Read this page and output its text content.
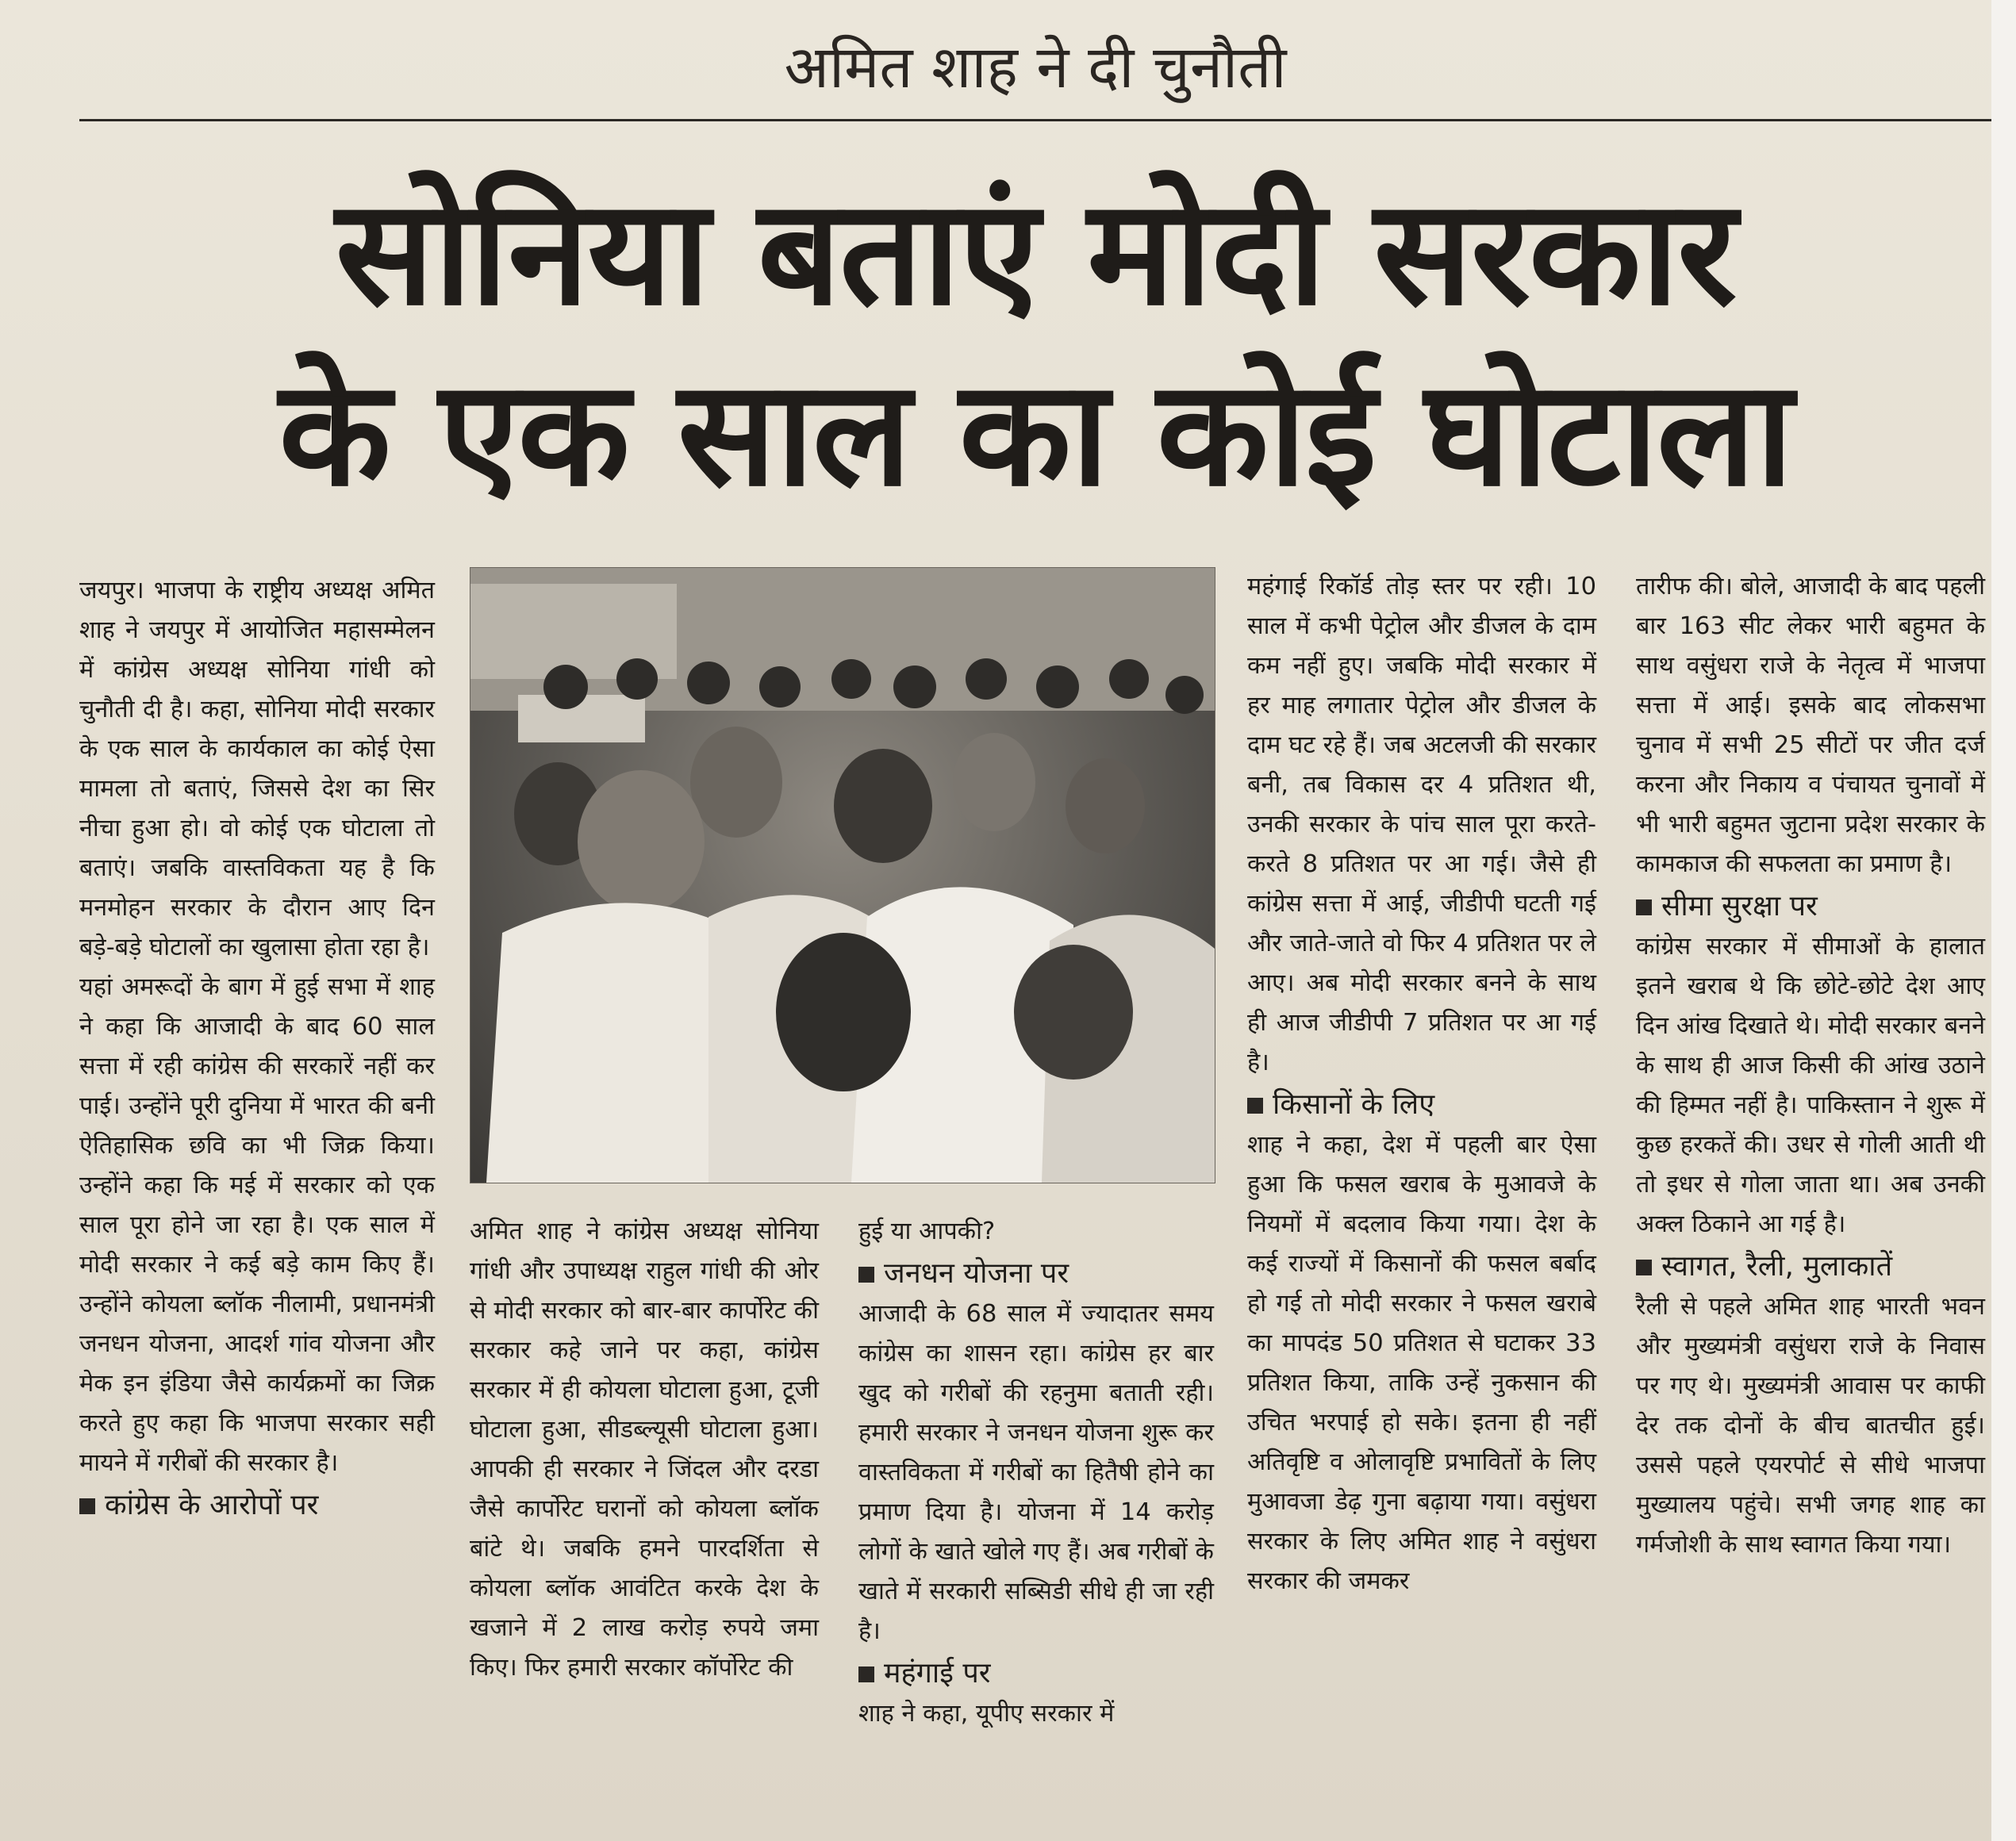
अमित शाह ने दी चुनौती
सोनिया बताएं मोदी सरकार
के एक साल का कोई घोटाला

जयपुर। भाजपा के राष्ट्रीय अध्यक्ष अमित शाह ने जयपुर में आयोजित महासम्मेलन में कांग्रेस अध्यक्ष सोनिया गांधी को चुनौती दी है। कहा, सोनिया मोदी सरकार के एक साल के कार्यकाल का कोई ऐसा मामला तो बताएं, जिससे देश का सिर नीचा हुआ हो। वो कोई एक घोटाला तो बताएं। जबकि वास्तविकता यह है कि मनमोहन सरकार के दौरान आए दिन बड़े-बड़े घोटालों का खुलासा होता रहा है।

यहां अमरूदों के बाग में हुई सभा में शाह ने कहा कि आजादी के बाद 60 साल सत्ता में रही कांग्रेस की सरकारें नहीं कर पाई। उन्होंने पूरी दुनिया में भारत की बनी ऐतिहासिक छवि का भी जिक्र किया। उन्होंने कहा कि मई में सरकार को एक साल पूरा होने जा रहा है। एक साल में मोदी सरकार ने कई बड़े काम किए हैं। उन्होंने कोयला ब्लॉक नीलामी, प्रधानमंत्री जनधन योजना, आदर्श गांव योजना और मेक इन इंडिया जैसे कार्यक्रमों का जिक्र करते हुए कहा कि भाजपा सरकार सही मायने में गरीबों की सरकार है।

कांग्रेस के आरोपों पर

अमित शाह ने कांग्रेस अध्यक्ष सोनिया गांधी और उपाध्यक्ष राहुल गांधी की ओर से मोदी सरकार को बार-बार कार्पोरेट की सरकार कहे जाने पर कहा, कांग्रेस सरकार में ही कोयला घोटाला हुआ, टूजी घोटाला हुआ, सीडब्ल्यूसी घोटाला हुआ। आपकी ही सरकार ने जिंदल और दरडा जैसे कार्पोरेट घरानों को कोयला ब्लॉक बांटे थे। जबकि हमने पारदर्शिता से कोयला ब्लॉक आवंटित करके देश के खजाने में 2 लाख करोड़ रुपये जमा किए। फिर हमारी सरकार कॉर्पोरेट की

हुई या आपकी?

जनधन योजना पर

आजादी के 68 साल में ज्यादातर समय कांग्रेस का शासन रहा। कांग्रेस हर बार खुद को गरीबों की रहनुमा बताती रही। हमारी सरकार ने जनधन योजना शुरू कर वास्तविकता में गरीबों का हितैषी होने का प्रमाण दिया है। योजना में 14 करोड़ लोगों के खाते खोले गए हैं। अब गरीबों के खाते में सरकारी सब्सिडी सीधे ही जा रही है।

महंगाई पर

शाह ने कहा, यूपीए सरकार में

महंगाई रिकॉर्ड तोड़ स्तर पर रही। 10 साल में कभी पेट्रोल और डीजल के दाम कम नहीं हुए। जबकि मोदी सरकार में हर माह लगातार पेट्रोल और डीजल के दाम घट रहे हैं। जब अटलजी की सरकार बनी, तब विकास दर 4 प्रतिशत थी, उनकी सरकार के पांच साल पूरा करते-करते 8 प्रतिशत पर आ गई। जैसे ही कांग्रेस सत्ता में आई, जीडीपी घटती गई और जाते-जाते वो फिर 4 प्रतिशत पर ले आए। अब मोदी सरकार बनने के साथ ही आज जीडीपी 7 प्रतिशत पर आ गई है।

किसानों के लिए

शाह ने कहा, देश में पहली बार ऐसा हुआ कि फसल खराब के मुआवजे के नियमों में बदलाव किया गया। देश के कई राज्यों में किसानों की फसल बर्बाद हो गई तो मोदी सरकार ने फसल खराबे का मापदंड 50 प्रतिशत से घटाकर 33 प्रतिशत किया, ताकि उन्हें नुकसान की उचित भरपाई हो सके। इतना ही नहीं अतिवृष्टि व ओलावृष्टि प्रभावितों के लिए मुआवजा डेढ़ गुना बढ़ाया गया। वसुंधरा सरकार के लिए अमित शाह ने वसुंधरा सरकार की जमकर

तारीफ की। बोले, आजादी के बाद पहली बार 163 सीट लेकर भारी बहुमत के साथ वसुंधरा राजे के नेतृत्व में भाजपा सत्ता में आई। इसके बाद लोकसभा चुनाव में सभी 25 सीटों पर जीत दर्ज करना और निकाय व पंचायत चुनावों में भी भारी बहुमत जुटाना प्रदेश सरकार के कामकाज की सफलता का प्रमाण है।

सीमा सुरक्षा पर

कांग्रेस सरकार में सीमाओं के हालात इतने खराब थे कि छोटे-छोटे देश आए दिन आंख दिखाते थे। मोदी सरकार बनने के साथ ही आज किसी की आंख उठाने की हिम्मत नहीं है। पाकिस्तान ने शुरू में कुछ हरकतें की। उधर से गोली आती थी तो इधर से गोला जाता था। अब उनकी अक्ल ठिकाने आ गई है।

स्वागत, रैली, मुलाकातें

रैली से पहले अमित शाह भारती भवन और मुख्यमंत्री वसुंधरा राजे के निवास पर गए थे। मुख्यमंत्री आवास पर काफी देर तक दोनों के बीच बातचीत हुई। उससे पहले एयरपोर्ट से सीधे भाजपा मुख्यालय पहुंचे। सभी जगह शाह का गर्मजोशी के साथ स्वागत किया गया।
